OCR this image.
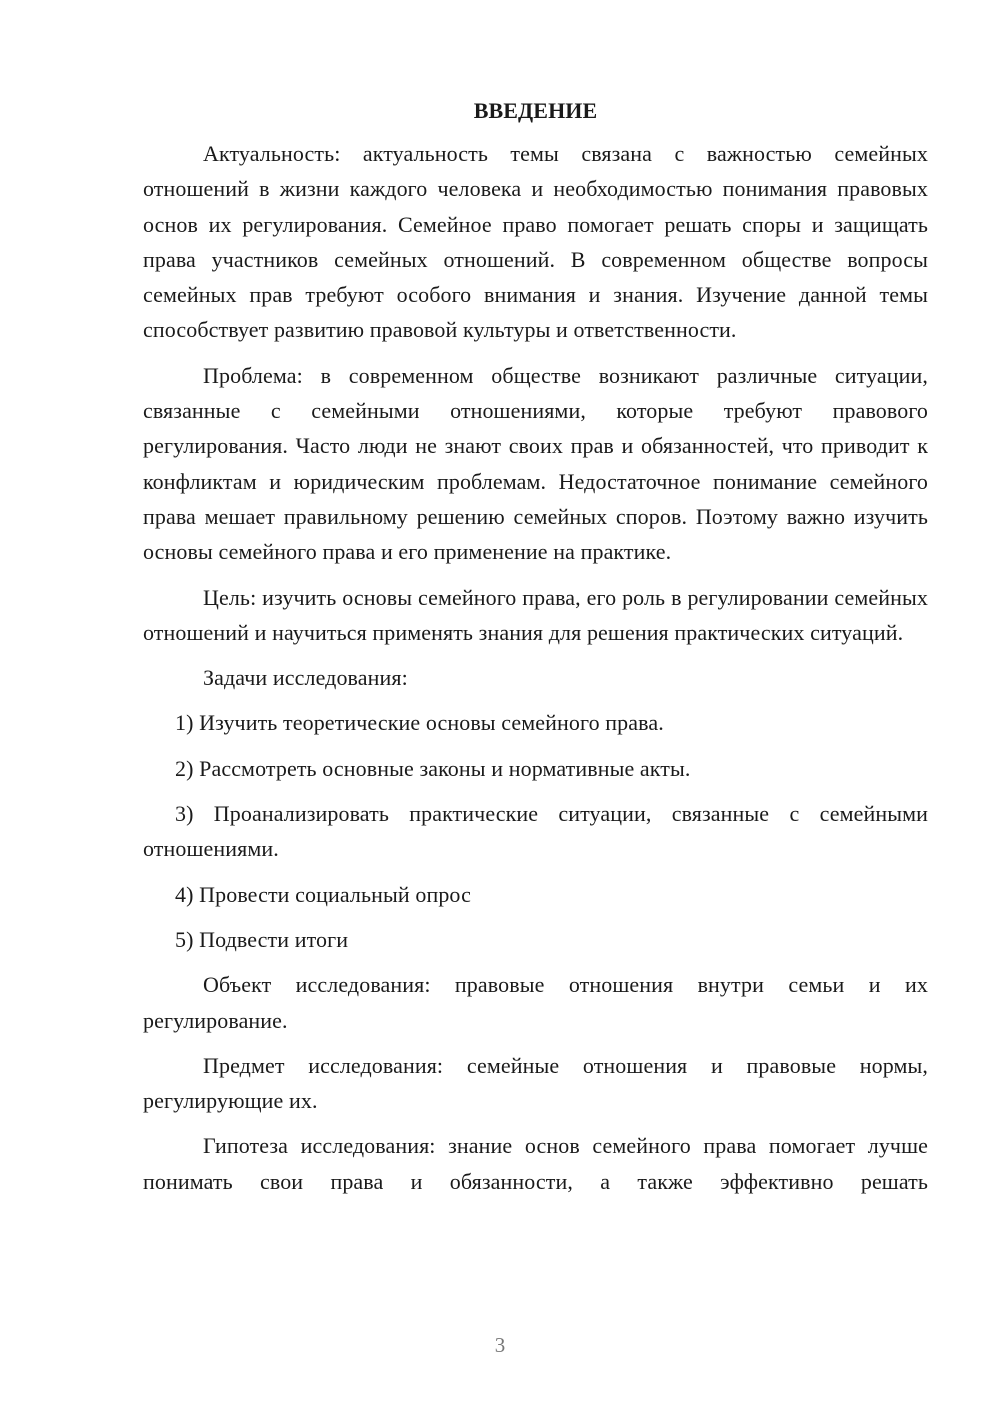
ВВЕДЕНИЕ

Актуальность: актуальность темы связана с важностью семейных отношений в жизни каждого человека и необходимостью понимания правовых основ их регулирования. Семейное право помогает решать споры и защищать права участников семейных отношений. В современном обществе вопросы семейных прав требуют особого внимания и знания. Изучение данной темы способствует развитию правовой культуры и ответственности.

Проблема: в современном обществе возникают различные ситуации, связанные с семейными отношениями, которые требуют правового регулирования. Часто люди не знают своих прав и обязанностей, что приводит к конфликтам и юридическим проблемам. Недостаточное понимание семейного права мешает правильному решению семейных споров. Поэтому важно изучить основы семейного права и его применение на практике.

Цель: изучить основы семейного права, его роль в регулировании семейных отношений и научиться применять знания для решения практических ситуаций.

Задачи исследования:

1) Изучить теоретические основы семейного права.

2) Рассмотреть основные законы и нормативные акты.

3) Проанализировать практические ситуации, связанные с семейными отношениями.

4) Провести социальный опрос

5) Подвести итоги

Объект исследования: правовые отношения внутри семьи и их регулирование.

Предмет исследования: семейные отношения и правовые нормы, регулирующие их.

Гипотеза исследования: знание основ семейного права помогает лучше понимать свои права и обязанности, а также эффективно решать

3
